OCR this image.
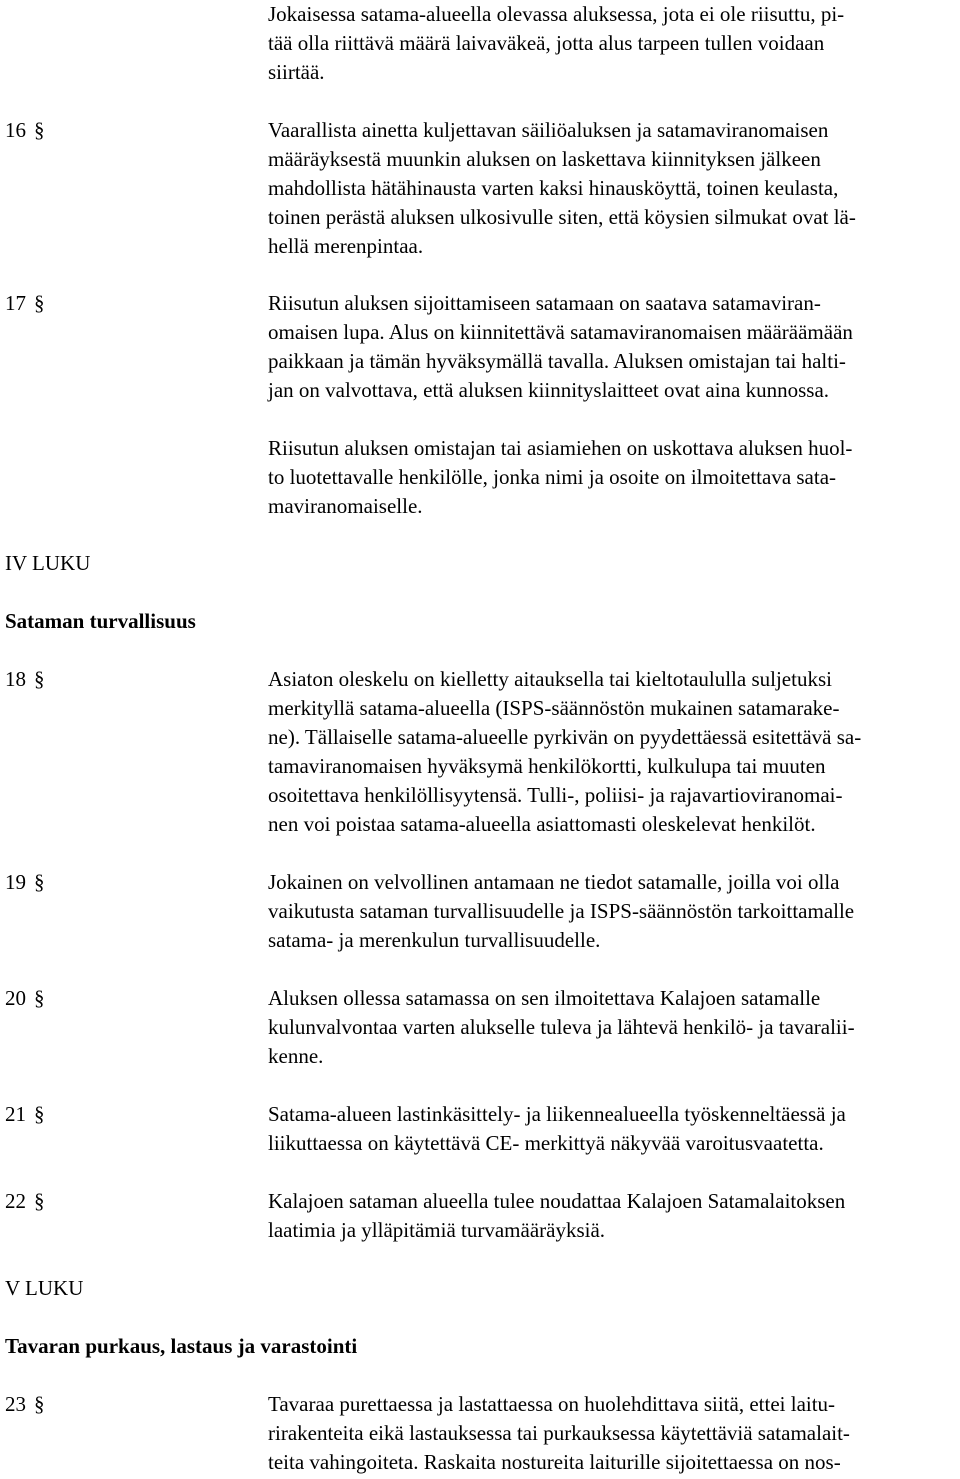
Jokaisessa satama-alueella olevassa aluksessa, jota ei ole riisuttu, pi-
tää olla riittävä määrä laivaväkeä, jotta alus tarpeen tullen voidaan
siirtää.
16 §	Vaarallista ainetta kuljettavan säiliöaluksen ja satamaviranomaisen
määräyksestä muunkin aluksen on laskettava kiinnityksen jälkeen
mahdollista hätähinausta varten kaksi hinausköyttä, toinen keulasta,
toinen perästä aluksen ulkosivulle siten, että köysien silmukat ovat lä-
hellä merenpintaa.
17 §	Riisutun aluksen sijoittamiseen satamaan on saatava satamaviran-
omaisen lupa. Alus on kiinnitettävä satamaviranomaisen määräämään
paikkaan ja tämän hyväksymällä tavalla. Aluksen omistajan tai halti-
jan on valvottava, että aluksen kiinnityslaitteet ovat aina kunnossa.
Riisutun aluksen omistajan tai asiamiehen on uskottava aluksen huol-
to luotettavalle henkilölle, jonka nimi ja osoite on ilmoitettava sata-
maviranomaiselle.
IV LUKU
Sataman turvallisuus
18 §	Asiaton oleskelu on kielletty aitauksella tai kieltotaululla suljetuksi
merkityllä satama-alueella (ISPS-säännöstön mukainen satamarake-
ne). Tällaiselle satama-alueelle pyrkivän on pyydettäessä esitettävä sa-
tamaviranomaisen hyväksymä henkilökortti, kulkulupa tai muuten
osoitettava henkilöllisyytensä. Tulli-, poliisi- ja rajavartioviranomai-
nen voi poistaa satama-alueella asiattomasti oleskelevat henkilöt.
19 §	Jokainen on velvollinen antamaan ne tiedot satamalle, joilla voi olla
vaikutusta sataman turvallisuudelle ja ISPS-säännöstön tarkoittamalle
satama- ja merenkulun turvallisuudelle.
20 §	Aluksen ollessa satamassa on sen ilmoitettava Kalajoen satamalle
kulunvalvontaa varten alukselle tuleva ja lähtevä henkilö- ja tavaralii-
kenne.
21 §	Satama-alueen lastinkäsittely- ja liikennealueella työskenneltäessä ja
liikuttaessa on käytettävä CE- merkittyä näkyvää varoitusvaatetta.
22 §	Kalajoen sataman alueella tulee noudattaa Kalajoen Satamalaitoksen
laatimia ja ylläpitämiä turvamääräyksiä.
V LUKU
Tavaran purkaus, lastaus ja varastointi
23 §	Tavaraa purettaessa ja lastattaessa on huolehdittava siitä, ettei laitu-
rirakenteita eikä lastauksessa tai purkauksessa käytettäviä satamalait-
teita vahingoiteta. Raskaita nostureita laiturille sijoitettaessa on nos-
